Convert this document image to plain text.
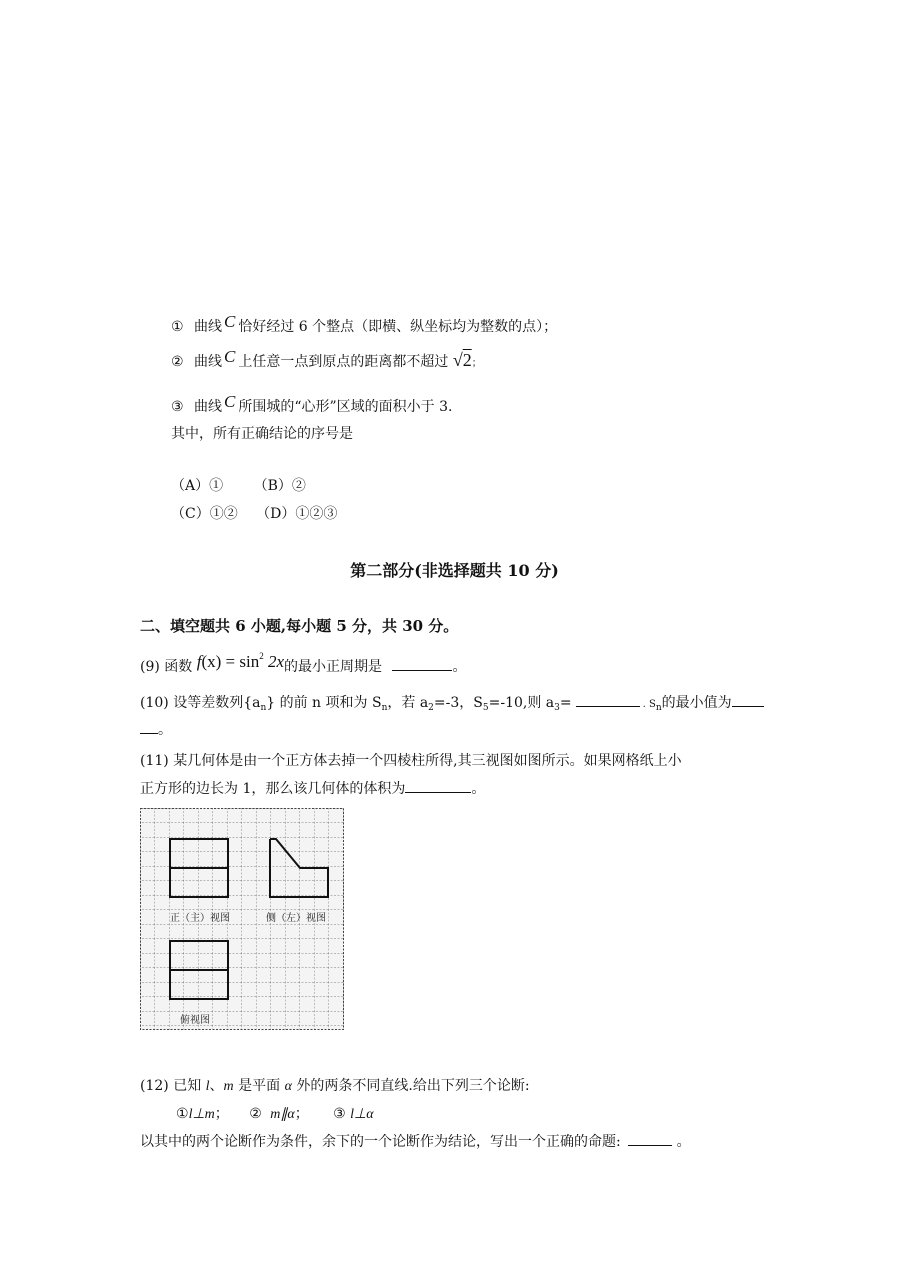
① 曲线 C 恰好经过 6 个整点（即横、纵坐标均为整数的点）；
② 曲线 C 上任意一点到原点的距离都不超过 √2；
③ 曲线 C 所围城的“心形”区域的面积小于 3.
其中，所有正确结论的序号是
（A）① （B）②
（C）①② （D）①②③
第二部分(非选择题共 10 分)
二、填空题共 6 小题,每小题 5 分，共 30 分。
(9) 函数 $f(x) = \sin^2 2x$的最小正周期是	。
(10) 设等差数列$\{a_n\}$ 的前 n 项和为 $S_n$，若 $a_2=-3$，$S_5=-10$,则 $a_3=$	. $S_n$的最小值为
。
(11) 某几何体是由一个正方体去掉一个四棱柱所得,其三视图如图所示。如果网格纸上小
正方形的边长为 1，那么该几何体的体积为	。
正（主）视图	侧（左）视图
俯视图
(12) 已知 l、m 是平面 α 外的两条不同直线.给出下列三个论断:
①l⊥m； ② m∥α； ③ l⊥α
以其中的两个论断作为条件，余下的一个论断作为结论，写出一个正确的命题:	。
